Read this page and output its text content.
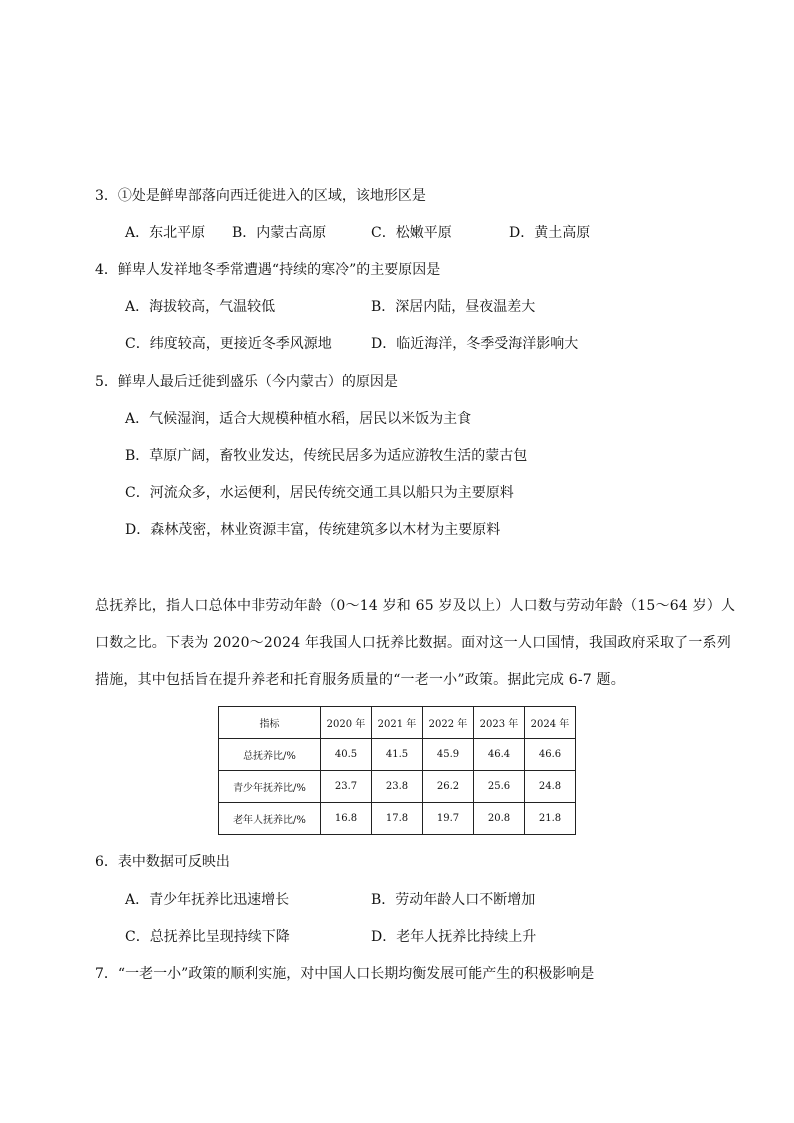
3．①处是鲜卑部落向西迁徙进入的区域，该地形区是
A．东北平原 B．内蒙古高原	C．松嫩平原	D．黄土高原
4．鲜卑人发祥地冬季常遭遇“持续的寒冷”的主要原因是
A．海拔较高，气温较低	B．深居内陆，昼夜温差大
C．纬度较高，更接近冬季风源地	D．临近海洋，冬季受海洋影响大
5．鲜卑人最后迁徙到盛乐（今内蒙古）的原因是
A．气候湿润，适合大规模种植水稻，居民以米饭为主食
B．草原广阔，畜牧业发达，传统民居多为适应游牧生活的蒙古包
C．河流众多，水运便利，居民传统交通工具以船只为主要原料
D．森林茂密，林业资源丰富，传统建筑多以木材为主要原料
总抚养比，指人口总体中非劳动年龄（0～14 岁和 65 岁及以上）人口数与劳动年龄（15～64 岁）人
口数之比。下表为 2020～2024 年我国人口抚养比数据。面对这一人口国情，我国政府采取了一系列
措施，其中包括旨在提升养老和托育服务质量的“一老一小”政策。据此完成 6-7 题。
指标	2020 年	2021 年	2022 年	2023 年	2024 年
总抚养比/%	40.5	41.5	45.9	46.4	46.6
青少年抚养比/%	23.7	23.8	26.2	25.6	24.8
老年人抚养比/%	16.8	17.8	19.7	20.8	21.8
6．表中数据可反映出
A．青少年抚养比迅速增长	B．劳动年龄人口不断增加
C．总抚养比呈现持续下降	D．老年人抚养比持续上升
7．“一老一小”政策的顺利实施，对中国人口长期均衡发展可能产生的积极影响是
